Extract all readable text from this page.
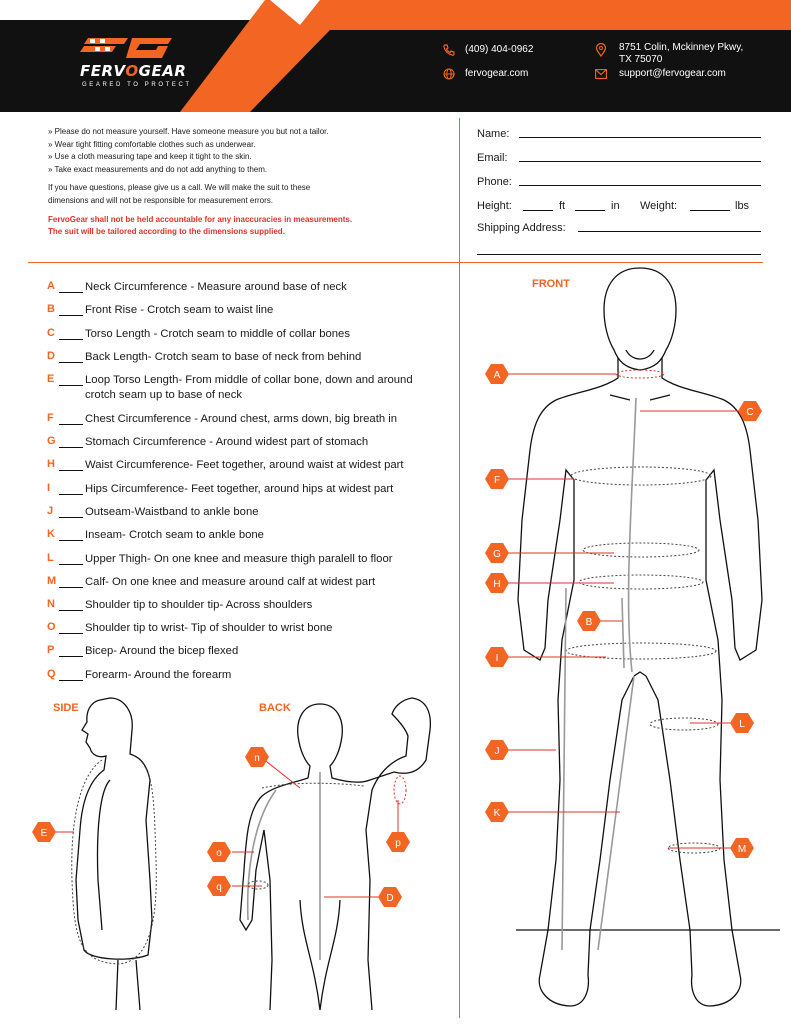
FERVOGEAR
GEARED TO PROTECT
(409) 404-0962
fervogear.com
8751 Colin, Mckinney Pkwy,
TX 75070
support@fervogear.com

» Please do not measure yourself. Have someone measure you but not a tailor.

» Wear tight fitting comfortable clothes such as underwear.

» Use a cloth measuring tape and keep it tight to the skin.

» Take exact measurements and do not add anything to them.

If you have questions, please give us a call. We will make the suit to these

dimensions and will not be responsible for measurement errors.

FervoGear shall not be held accountable for any inaccuracies in measurements.

The suit will be tailored according to the dimensions supplied.

Name:
Email:
Phone:
Height:	ft	in Weight:	lbs
Shipping Address:
A	Neck Circumference - Measure around base of neck
B	Front Rise - Crotch seam to waist line
C	Torso Length - Crotch seam to middle of collar bones
D	Back Length- Crotch seam to base of neck from behind
E	Loop Torso Length- From middle of collar bone, down and around
crotch seam up to base of neck
F	Chest Circumference - Around chest, arms down, big breath in
G	Stomach Circumference - Around widest part of stomach
H	Waist Circumference- Feet together, around waist at widest part
I	Hips Circumference- Feet together, around hips at widest part
J	Outseam-Waistband to ankle bone
K	Inseam- Crotch seam to ankle bone
L	Upper Thigh- On one knee and measure thigh paralell to floor
M	Calf- On one knee and measure around calf at widest part
N	Shoulder tip to shoulder tip- Across shoulders
O	Shoulder tip to wrist- Tip of shoulder to wrist bone
P	Bicep- Around the bicep flexed
Q	Forearm- Around the forearm
FRONT
SIDE	BACK
A
C
F
G
H
B
I
L
J
K
M
E
n
o
q
p
D
